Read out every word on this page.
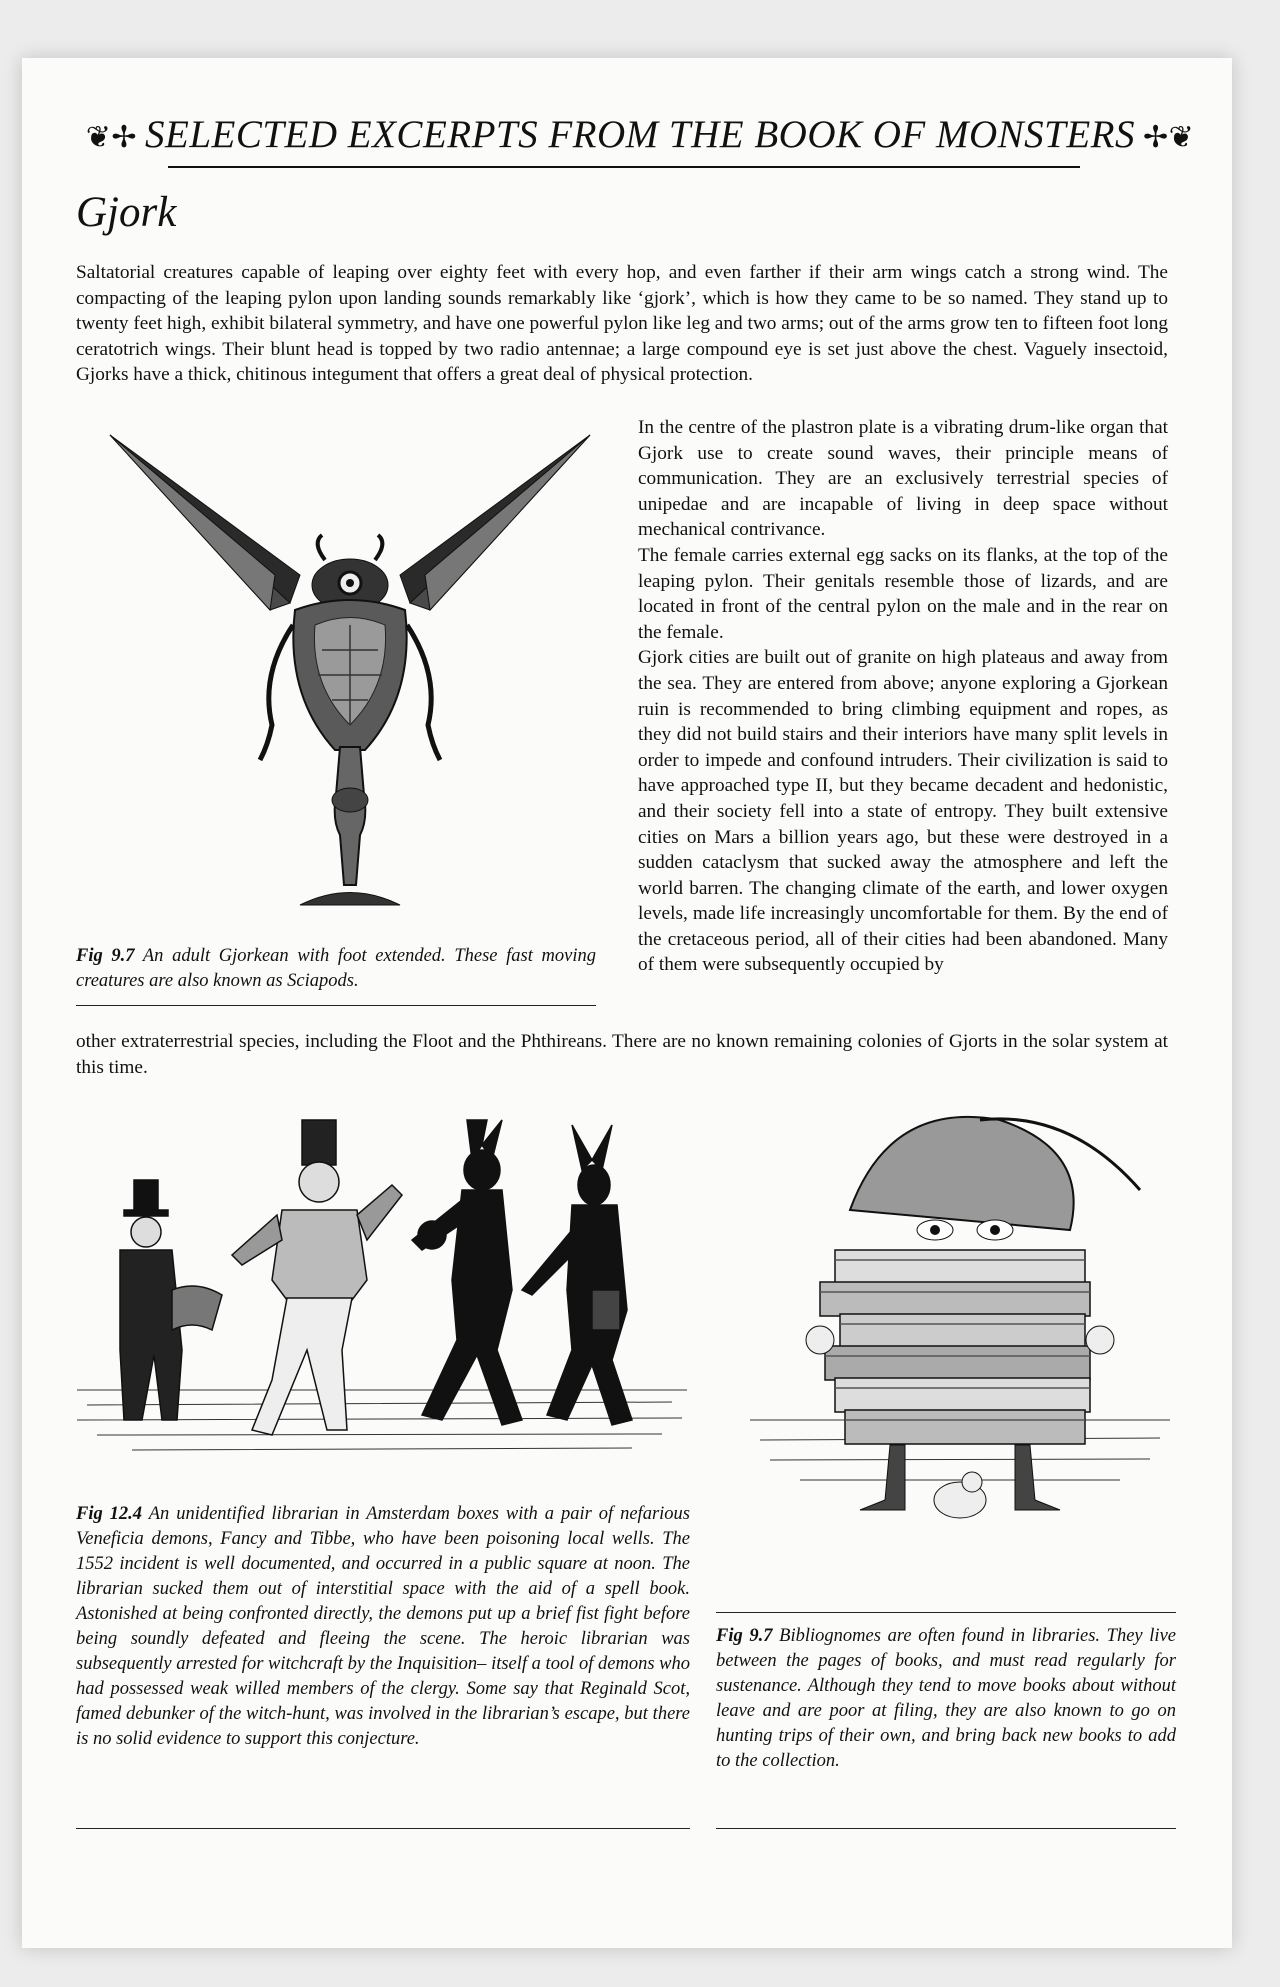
❦✢ SELECTED EXCERPTS FROM THE BOOK OF MONSTERS ✢❦
Gjork
Saltatorial creatures capable of leaping over eighty feet with every hop, and even farther if their arm wings catch a strong wind. The compacting of the leaping pylon upon landing sounds remarkably like ‘gjork’, which is how they came to be so named. They stand up to twenty feet high, exhibit bilateral symmetry, and have one powerful pylon like leg and two arms; out of the arms grow ten to fifteen foot long ceratotrich wings. Their blunt head is topped by two radio antennae; a large compound eye is set just above the chest. Vaguely insectoid, Gjorks have a thick, chitinous integument that offers a great deal of physical protection.
Fig 9.7 An adult Gjorkean with foot extended. These fast moving creatures are also known as Sciapods.

In the centre of the plastron plate is a vibrating drum-like organ that Gjork use to create sound waves, their principle means of communication. They are an exclusively terrestrial species of unipedae and are incapable of living in deep space without mechanical contrivance.

The female carries external egg sacks on its flanks, at the top of the leaping pylon. Their genitals resemble those of lizards, and are located in front of the central pylon on the male and in the rear on the female.

Gjork cities are built out of granite on high plateaus and away from the sea. They are entered from above; anyone exploring a Gjorkean ruin is recommended to bring climbing equipment and ropes, as they did not build stairs and their interiors have many split levels in order to impede and confound intruders. Their civilization is said to have approached type II, but they became decadent and hedonistic, and their society fell into a state of entropy. They built extensive cities on Mars a billion years ago, but these were destroyed in a sudden cataclysm that sucked away the atmosphere and left the world barren. The changing climate of the earth, and lower oxygen levels, made life increasingly uncomfortable for them. By the end of the cretaceous period, all of their cities had been abandoned. Many of them were subsequently occupied by

other extraterrestrial species, including the Floot and the Phthireans. There are no known remaining colonies of Gjorts in the solar system at this time.
Fig 12.4 An unidentified librarian in Amsterdam boxes with a pair of nefarious Veneficia demons, Fancy and Tibbe, who have been poisoning local wells. The 1552 incident is well documented, and occurred in a public square at noon. The librarian sucked them out of interstitial space with the aid of a spell book. Astonished at being confronted directly, the demons put up a brief fist fight before being soundly defeated and fleeing the scene. The heroic librarian was subsequently arrested for witchcraft by the Inquisition– itself a tool of demons who had possessed weak willed members of the clergy. Some say that Reginald Scot, famed debunker of the witch-hunt, was involved in the librarian’s escape, but there is no solid evidence to support this conjecture.
Fig 9.7 Bibliognomes are often found in libraries. They live between the pages of books, and must read regularly for sustenance. Although they tend to move books about without leave and are poor at filing, they are also known to go on hunting trips of their own, and bring back new books to add to the collection.
